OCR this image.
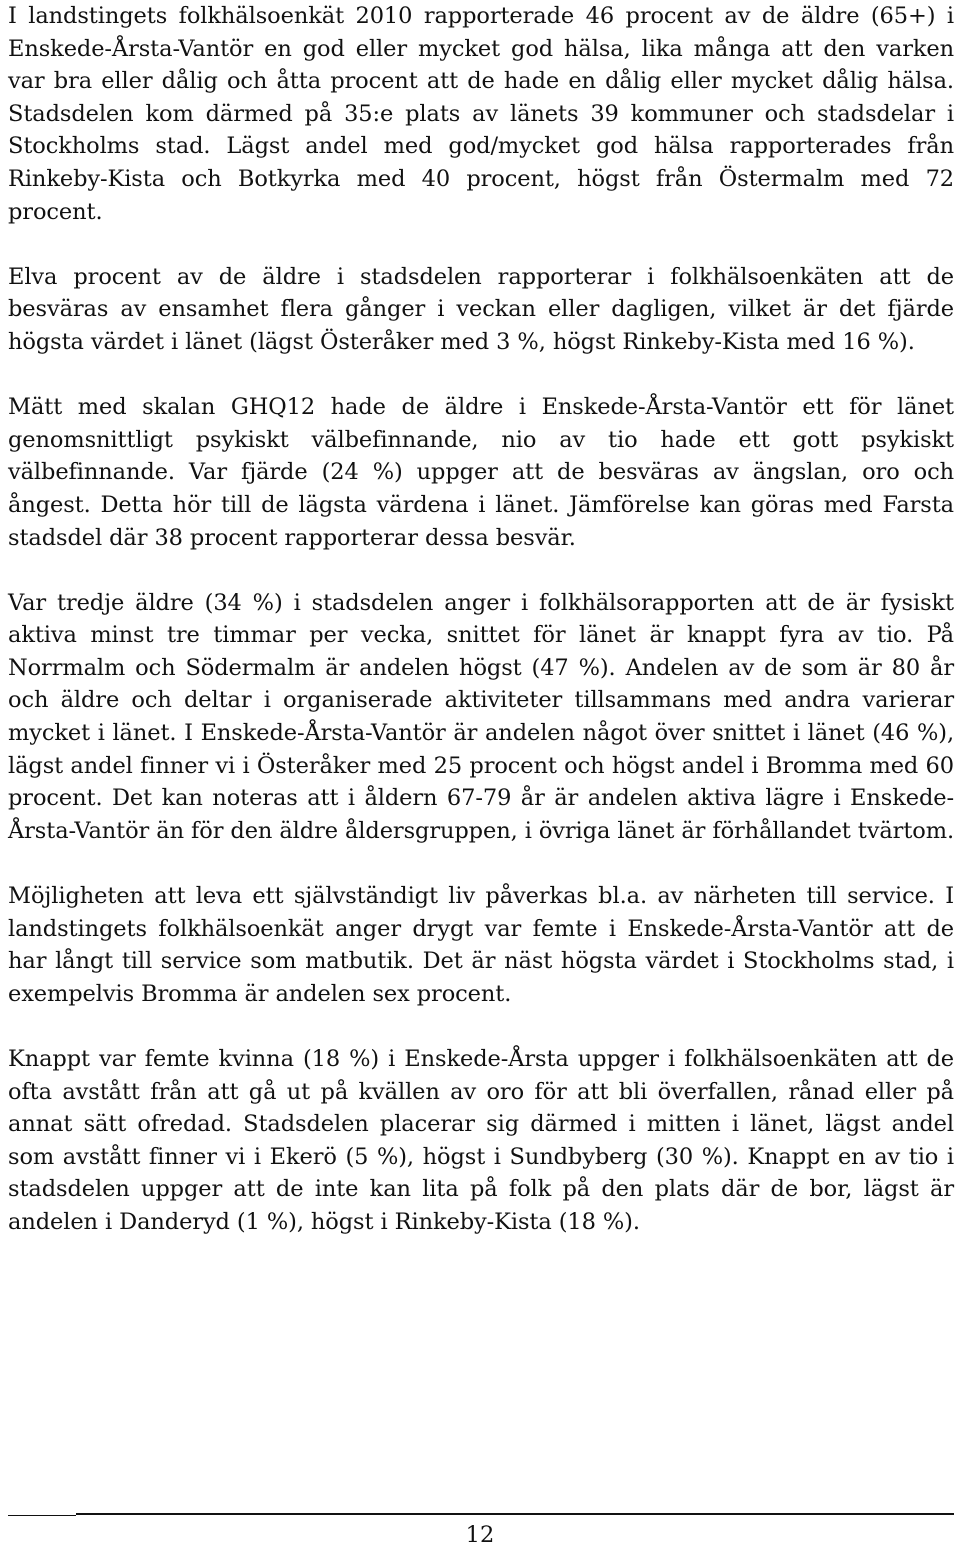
I landstingets folkhälsoenkät 2010 rapporterade 46 procent av de äldre (65+) i Enskede-Årsta-Vantör en god eller mycket god hälsa, lika många att den varken var bra eller dålig och åtta procent att de hade en dålig eller mycket dålig hälsa. Stadsdelen kom därmed på 35:e plats av länets 39 kommuner och stadsdelar i Stockholms stad. Lägst andel med god/mycket god hälsa rapporterades från Rinkeby-Kista och Botkyrka med 40 procent, högst från Östermalm med 72 procent.

Elva procent av de äldre i stadsdelen rapporterar i folkhälsoenkäten att de besväras av ensamhet flera gånger i veckan eller dagligen, vilket är det fjärde högsta värdet i länet (lägst Österåker med 3 %, högst Rinkeby-Kista med 16 %).

Mätt med skalan GHQ12 hade de äldre i Enskede-Årsta-Vantör ett för länet genomsnittligt psykiskt välbefinnande, nio av tio hade ett gott psykiskt välbefinnande. Var fjärde (24 %) uppger att de besväras av ängslan, oro och ångest. Detta hör till de lägsta värdena i länet. Jämförelse kan göras med Farsta stadsdel där 38 procent rapporterar dessa besvär.

Var tredje äldre (34 %) i stadsdelen anger i folkhälsorapporten att de är fysiskt aktiva minst tre timmar per vecka, snittet för länet är knappt fyra av tio. På Norrmalm och Södermalm är andelen högst (47 %). Andelen av de som är 80 år och äldre och deltar i organiserade aktiviteter tillsammans med andra varierar mycket i länet. I Enskede-Årsta-Vantör är andelen något över snittet i länet (46 %), lägst andel finner vi i Österåker med 25 procent och högst andel i Bromma med 60 procent. Det kan noteras att i åldern 67-79 år är andelen aktiva lägre i Enskede-Årsta-Vantör än för den äldre åldersgruppen, i övriga länet är förhållandet tvärtom.

Möjligheten att leva ett självständigt liv påverkas bl.a. av närheten till service. I landstingets folkhälsoenkät anger drygt var femte i Enskede-Årsta-Vantör att de har långt till service som matbutik. Det är näst högsta värdet i Stockholms stad, i exempelvis Bromma är andelen sex procent.

Knappt var femte kvinna (18 %) i Enskede-Årsta uppger i folkhälsoenkäten att de ofta avstått från att gå ut på kvällen av oro för att bli överfallen, rånad eller på annat sätt ofredad. Stadsdelen placerar sig därmed i mitten i länet, lägst andel som avstått finner vi i Ekerö (5 %), högst i Sundbyberg (30 %). Knappt en av tio i stadsdelen uppger att de inte kan lita på folk på den plats där de bor, lägst är andelen i Danderyd (1 %), högst i Rinkeby-Kista (18 %).

12
